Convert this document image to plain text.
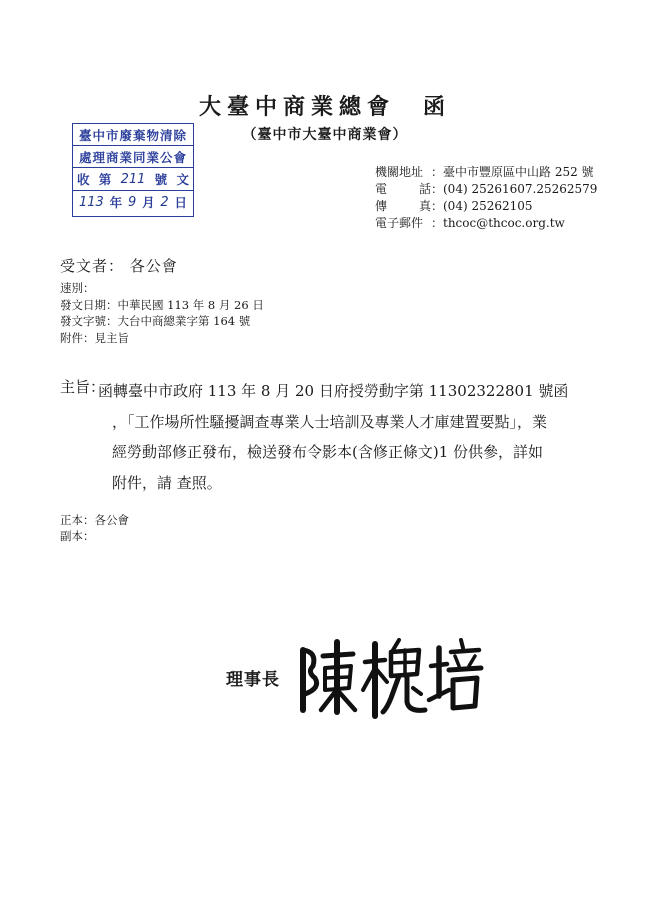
大臺中商業總會　函
（臺中市大臺中商業會）
臺中市廢棄物清除
處理商業同業公會
收 第 211 號 文
113 年 9 月 2 日
機關地址 ：臺中市豐原區中山路 252 號
電	話 ：(04) 25261607.25262579
傳	真 ：(04) 25262105
電子郵件 ：thcoc@thcoc.org.tw
受文者： 各公會
速別：
發文日期：中華民國 113 年 8 月 26 日
發文字號：大台中商總業字第 164 號
附件：見主旨
主旨：
函轉臺中市政府 113 年 8 月 20 日府授勞動字第 11302322801 號函
，「工作場所性騷擾調查專業人士培訓及專業人才庫建置要點」，業
經勞動部修正發布，檢送發布令影本(含修正條文)1 份供參，詳如
附件，請 查照。
正本：各公會
副本：
理事長
